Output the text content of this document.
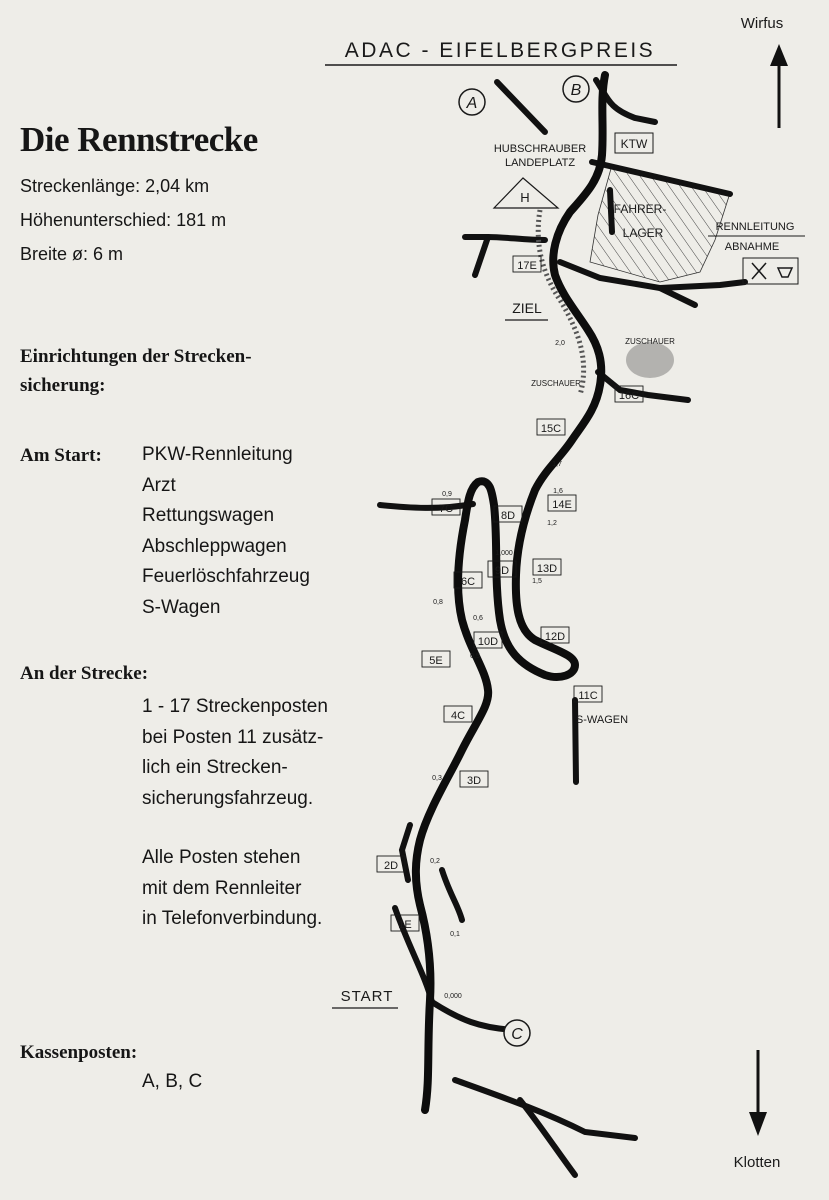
Die Rennstrecke
Streckenlänge: 2,04 km
Höhenunterschied: 181 m
Breite ø: 6 m
Einrichtungen der Strecken-
sicherung:
Am Start: PKW-Rennleitung
Arzt
Rettungswagen
Abschleppwagen
Feuerlöschfahrzeug
S-Wagen
An der Strecke:
1 - 17 Streckenposten
bei Posten 11 zusätz-
lich ein Strecken-
sicherungsfahrzeug.
Alle Posten stehen
mit dem Rennleiter
in Telefonverbindung.
Kassenposten:
A, B, C
ADAC - EIFELBERGPREIS
Wirfus
Klotten
A
B
C
HUBSCHRAUBER
LANDEPLATZ
H
KTW
FAHRER-
LAGER	RENNLEITUNG
ABNAHME
ZIEL
ZUSCHAUER
ZUSCHAUER
S-WAGEN
START
17E
16C
15C
14E
13D
12D
11C
10D
9D
8D
7C
6C
5E
4C
3D
2D
1E
0,000
0,1
0,2
0,3
0,5
0,6
0,8
0,9
1,000
1,2
1,5
1,6
1,7
2,0
